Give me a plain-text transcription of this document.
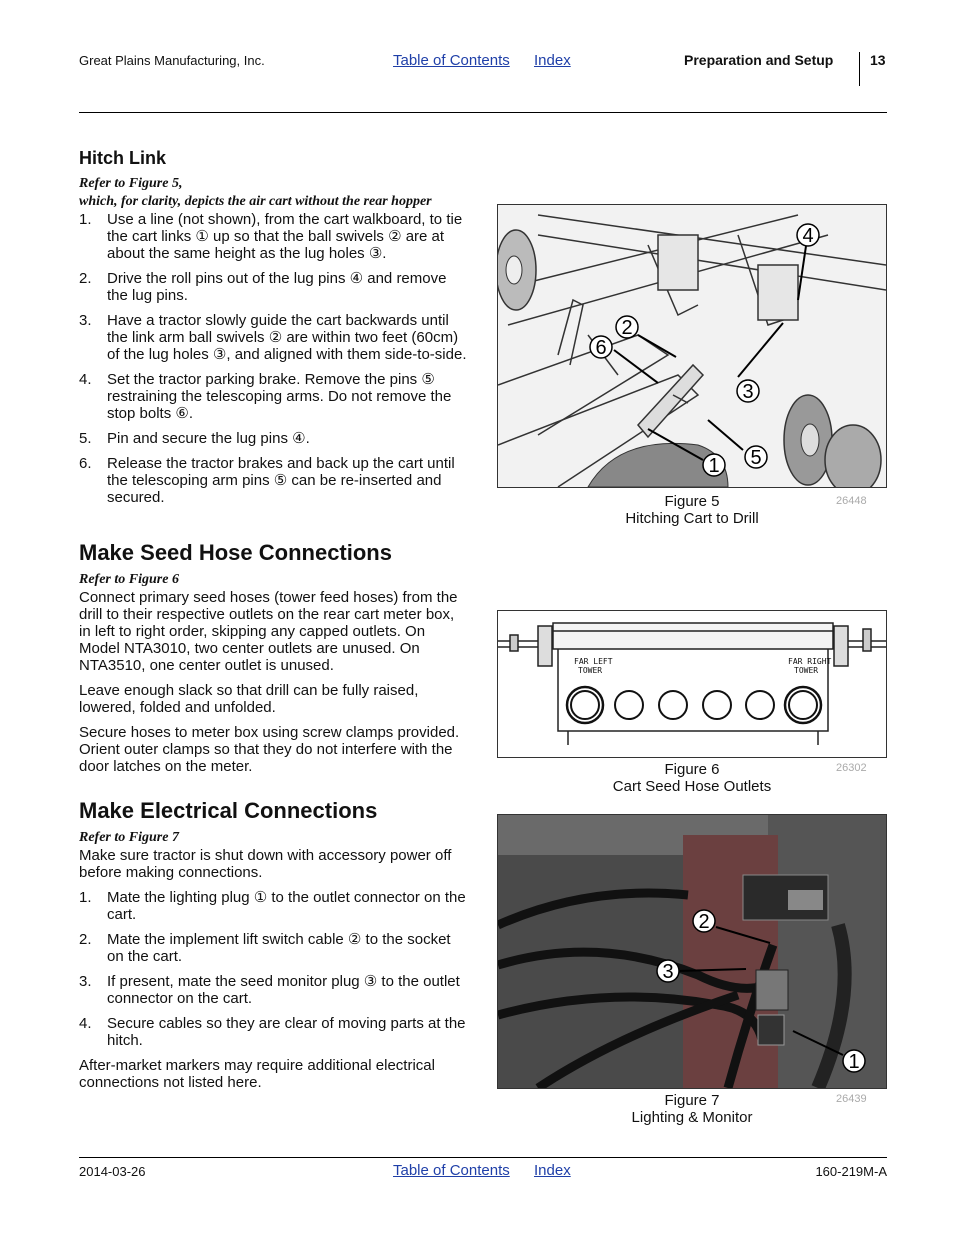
Great Plains Manufacturing, Inc.	Table of Contents Index	Preparation and Setup	13
Hitch Link
Refer to Figure 5,
which, for clarity, depicts the air cart without the rear hopper
1. Use a line (not shown), from the cart walkboard, to tie the cart links ① up so that the ball swivels ② are at about the same height as the lug holes ③.
2. Drive the roll pins out of the lug pins ④ and remove the lug pins.
3. Have a tractor slowly guide the cart backwards until the link arm ball swivels ② are within two feet (60cm) of the lug holes ③, and aligned with them side-to-side.
4. Set the tractor parking brake. Remove the pins ⑤ restraining the telescoping arms. Do not remove the stop bolts ⑥.
5. Pin and secure the lug pins ④.
6. Release the tractor brakes and back up the cart until the telescoping arm pins ⑤ can be re-inserted and secured.
Make Seed Hose Connections
Refer to Figure 6

Connect primary seed hoses (tower feed hoses) from the drill to their respective outlets on the rear cart meter box, in left to right order, skipping any capped outlets. On Model NTA3010, two center outlets are unused. On NTA3510, one center outlet is unused.

Leave enough slack so that drill can be fully raised, lowered, folded and unfolded.

Secure hoses to meter box using screw clamps provided. Orient outer clamps so that they do not interfere with the door latches on the meter.

Make Electrical Connections
Refer to Figure 7

Make sure tractor is shut down with accessory power off before making connections.

1. Mate the lighting plug ① to the outlet connector on the cart.
2. Mate the implement lift switch cable ② to the socket on the cart.
3. If present, mate the seed monitor plug ③ to the outlet connector on the cart.
4. Secure cables so they are clear of moving parts at the hitch.

After-market markers may require additional electrical connections not listed here.

4
2
6
3
5
1
Figure 5
Hitching Cart to Drill
26448
FAR LEFT
TOWER
FAR RIGHT
TOWER
Figure 6
Cart Seed Hose Outlets
26302
2
3
1
Figure 7
Lighting & Monitor
26439
2014-03-26	Table of Contents Index	160-219M-A
